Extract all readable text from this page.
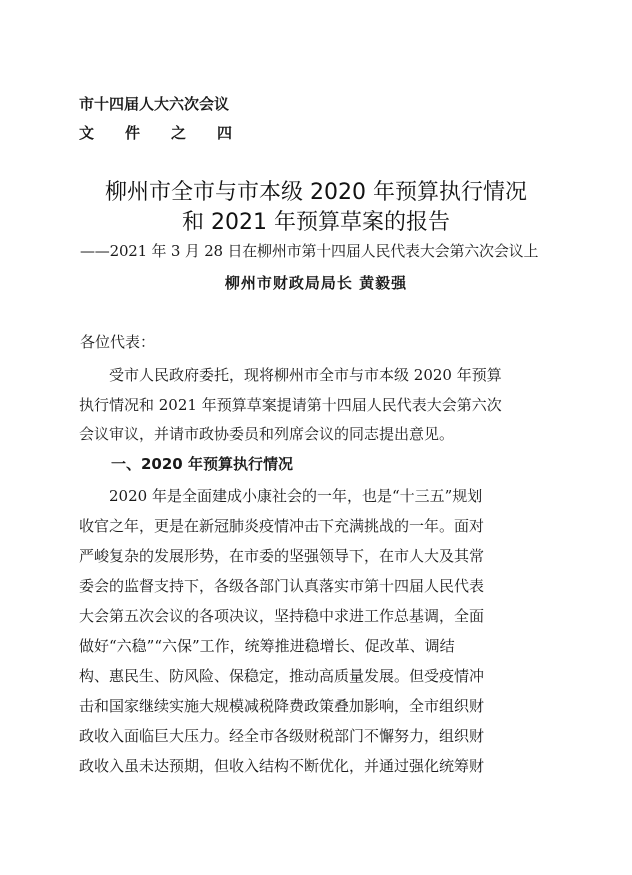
市十四届人大六次会议
文件之四
柳州市全市与市本级 2020 年预算执行情况
和 2021 年预算草案的报告
——2021 年 3 月 28 日在柳州市第十四届人民代表大会第六次会议上
柳州市财政局局长 黄毅强
各位代表：
　　受市人民政府委托，现将柳州市全市与市本级 2020 年预算
执行情况和 2021 年预算草案提请第十四届人民代表大会第六次
会议审议，并请市政协委员和列席会议的同志提出意见。
一、2020 年预算执行情况
　　2020 年是全面建成小康社会的一年，也是“十三五”规划
收官之年，更是在新冠肺炎疫情冲击下充满挑战的一年。面对
严峻复杂的发展形势，在市委的坚强领导下，在市人大及其常
委会的监督支持下，各级各部门认真落实市第十四届人民代表
大会第五次会议的各项决议，坚持稳中求进工作总基调，全面
做好“六稳”“六保”工作，统筹推进稳增长、促改革、调结
构、惠民生、防风险、保稳定，推动高质量发展。但受疫情冲
击和国家继续实施大规模减税降费政策叠加影响，全市组织财
政收入面临巨大压力。经全市各级财税部门不懈努力，组织财
政收入虽未达预期，但收入结构不断优化，并通过强化统筹财
